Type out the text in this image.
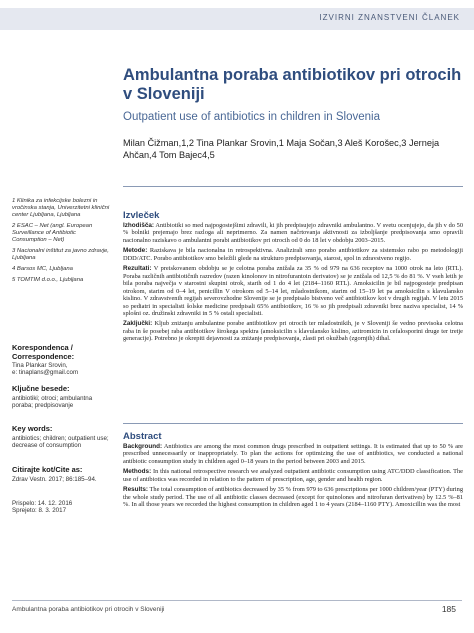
IZVIRNI ZNANSTVENI ČLANEK
Ambulantna poraba antibiotikov pri otrocih v Sloveniji
Outpatient use of antibiotics in children in Slovenia
Milan Čižman,1,2 Tina Plankar Srovin,1 Maja Sočan,3 Aleš Korošec,3 Jerneja Ahčan,4 Tom Bajec4,5
1 Klinika za infekcijske bolezni in vročinska stanja, Univerzitetni klinični center Ljubljana, Ljubljana
2 ESAC – Net (angl. European Surveillance of Antibiotic Consumption – Net)
3 Nacionalni inštitut za javno zdravje, Ljubljana
4 Barsos MC, Ljubljana
5 TOMTIM d.o.o., Ljubljana
Korespondenca / Correspondence:
Tina Plankar Srovin,
e: tinaplans@gmail.com
Ključne besede:
antibiotiki; otroci; ambulantna poraba; predpisovanje
Key words:
antibiotics; children; outpatient use; decrease of consumption
Citirajte kot/Cite as:
Zdrav Vestn. 2017; 86:185–94.
Prispelo: 14. 12. 2016
Sprejeto: 8. 3. 2017
Izvleček

Izhodišča: Antibiotiki so med najpogostejšimi zdravili, ki jih predpisujejo zdravniki ambulantno. V svetu ocenjujejo, da jih v do 50 % bolniki prejemajo brez razloga ali neprimerno. Za namen načrtovanja aktivnosti za izboljšanje predpisovanja smo opravili nacionalno raziskavo o ambulantni porabi antibiotikov pri otrocih od 0 do 18 let v obdobju 2003–2015.

Metode: Raziskava je bila nacionalna in retrospektivna. Analizirali smo porabo antibiotikov za sistemsko rabo po metodologiji DDD/ATC. Porabo antibiotikov smo beležili glede na strukturo predpisovanja, starost, spol in zdravstveno regijo.

Rezultati: V preiskovanem obdobju se je celotna poraba znižala za 35 % od 979 na 636 receptov na 1000 otrok na leto (RTL). Poraba različnih antibiotičnih razredov (razen kinolonov in nitrofurantoin derivatov) se je znižala od 12,5 % do 81 %. V vseh letih je bila poraba največja v starostni skupini otrok, starih od 1 do 4 let (2184–1160 RTL). Amoksicilin je bil najpogosteje predpisan otrokom, starim od 0–4 let, penicillin V otrokom od 5–14 let, mladostnikom, starim od 15–19 let pa amoksicilin s klavulansko kislino. V zdravstvenih regijah severovzhodne Slovenije se je predpisalo bistveno več antibiotikov kot v drugih regijah. V letu 2015 so pediatri in specialisti šolske medicine predpisali 65% antibiotikov, 16 % so jih predpisali zdravniki brez naziva specialist, 14 % splošni oz. družinski zdravniki in 5 % ostali specialisti.

Zaključki: Kljub zniżanju ambulantne porabe antibiotikov pri otrocih ter mladostnikih, je v Sloveniji še vedno previsoka celotna raba in še posebej raba antibiotikov širokega spektra (amoksicilin s klavulansko kislino, azitromicin in cefalosporini druge ter tretje generacije). Potrebno je okrepiti dejavnosti za zniżanje predpisovanja, zlasti pri okužbah (zgornjih) dihal.

Abstract

Background: Antibiotics are among the most common drugs prescribed in outpatient settings. It is estimated that up to 50 % are prescribed unnecessarily or inappropriately. To plan the actions for optimizing the use of antibiotics, we conducted a national antibiotic consumption study in children aged 0–18 years in the period between 2003 and 2015.

Methods: In this national retrospective research we analyzed outpatient antibiotic consumption using ATC/DDD classification. The use of antibiotics was recorded in relation to the pattern of prescription, age, gender and health region.

Results: The total consumption of antibiotics decreased by 35 % from 979 to 636 prescriptions per 1000 children/year (PTY) during the whole study period. The use of all antibiotic classes decreased (except for quinolones and nitrofuran derivatives) by 12.5 %–81 %. In all those years we recorded the highest consumption in children aged 1 to 4 years (2184–1160 PTY). Amoxicillin was the most

Ambulantna poraba antibiotikov pri otrocih v Sloveniji	185
